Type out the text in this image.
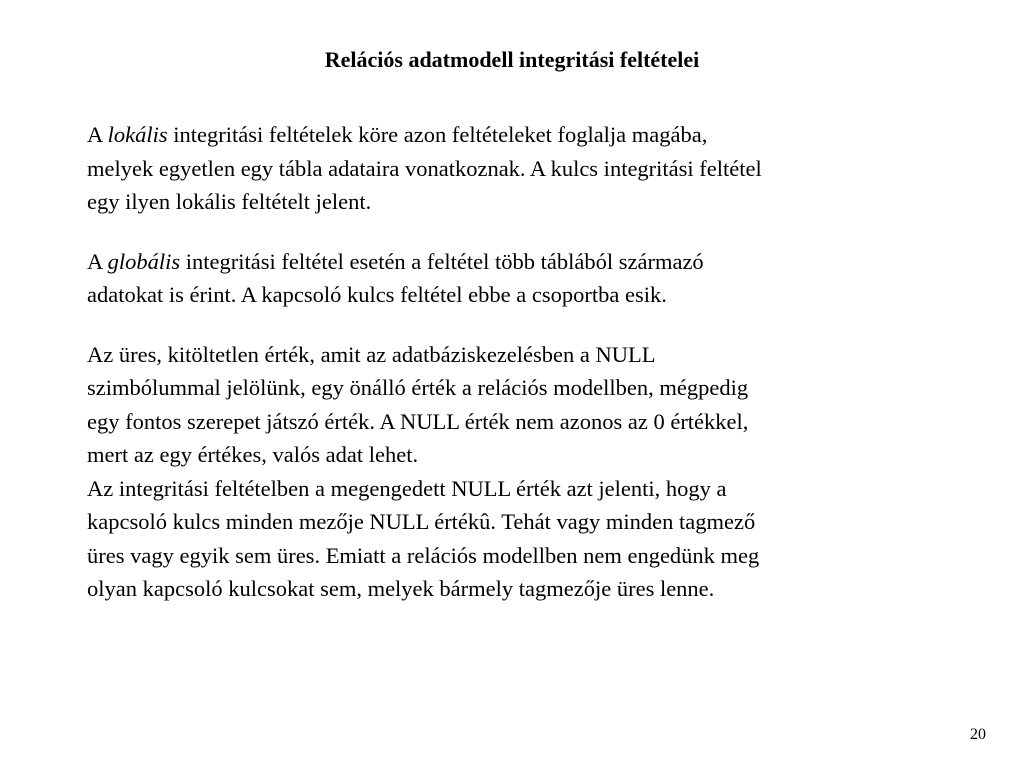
Relációs adatmodell integritási feltételei

A lokális integritási feltételek köre azon feltételeket foglalja magába,
melyek egyetlen egy tábla adataira vonatkoznak. A kulcs integritási feltétel
egy ilyen lokális feltételt jelent.

A globális integritási feltétel esetén a feltétel több táblából származó
adatokat is érint. A kapcsoló kulcs feltétel ebbe a csoportba esik.

Az üres, kitöltetlen érték, amit az adatbáziskezelésben a NULL
szimbólummal jelölünk, egy önálló érték a relációs modellben, mégpedig
egy fontos szerepet játszó érték. A NULL érték nem azonos az 0 értékkel,
mert az egy értékes, valós adat lehet.

Az integritási feltételben a megengedett NULL érték azt jelenti, hogy a
kapcsoló kulcs minden mezője NULL értékû. Tehát vagy minden tagmező
üres vagy egyik sem üres. Emiatt a relációs modellben nem engedünk meg
olyan kapcsoló kulcsokat sem, melyek bármely tagmezője üres lenne.

20
